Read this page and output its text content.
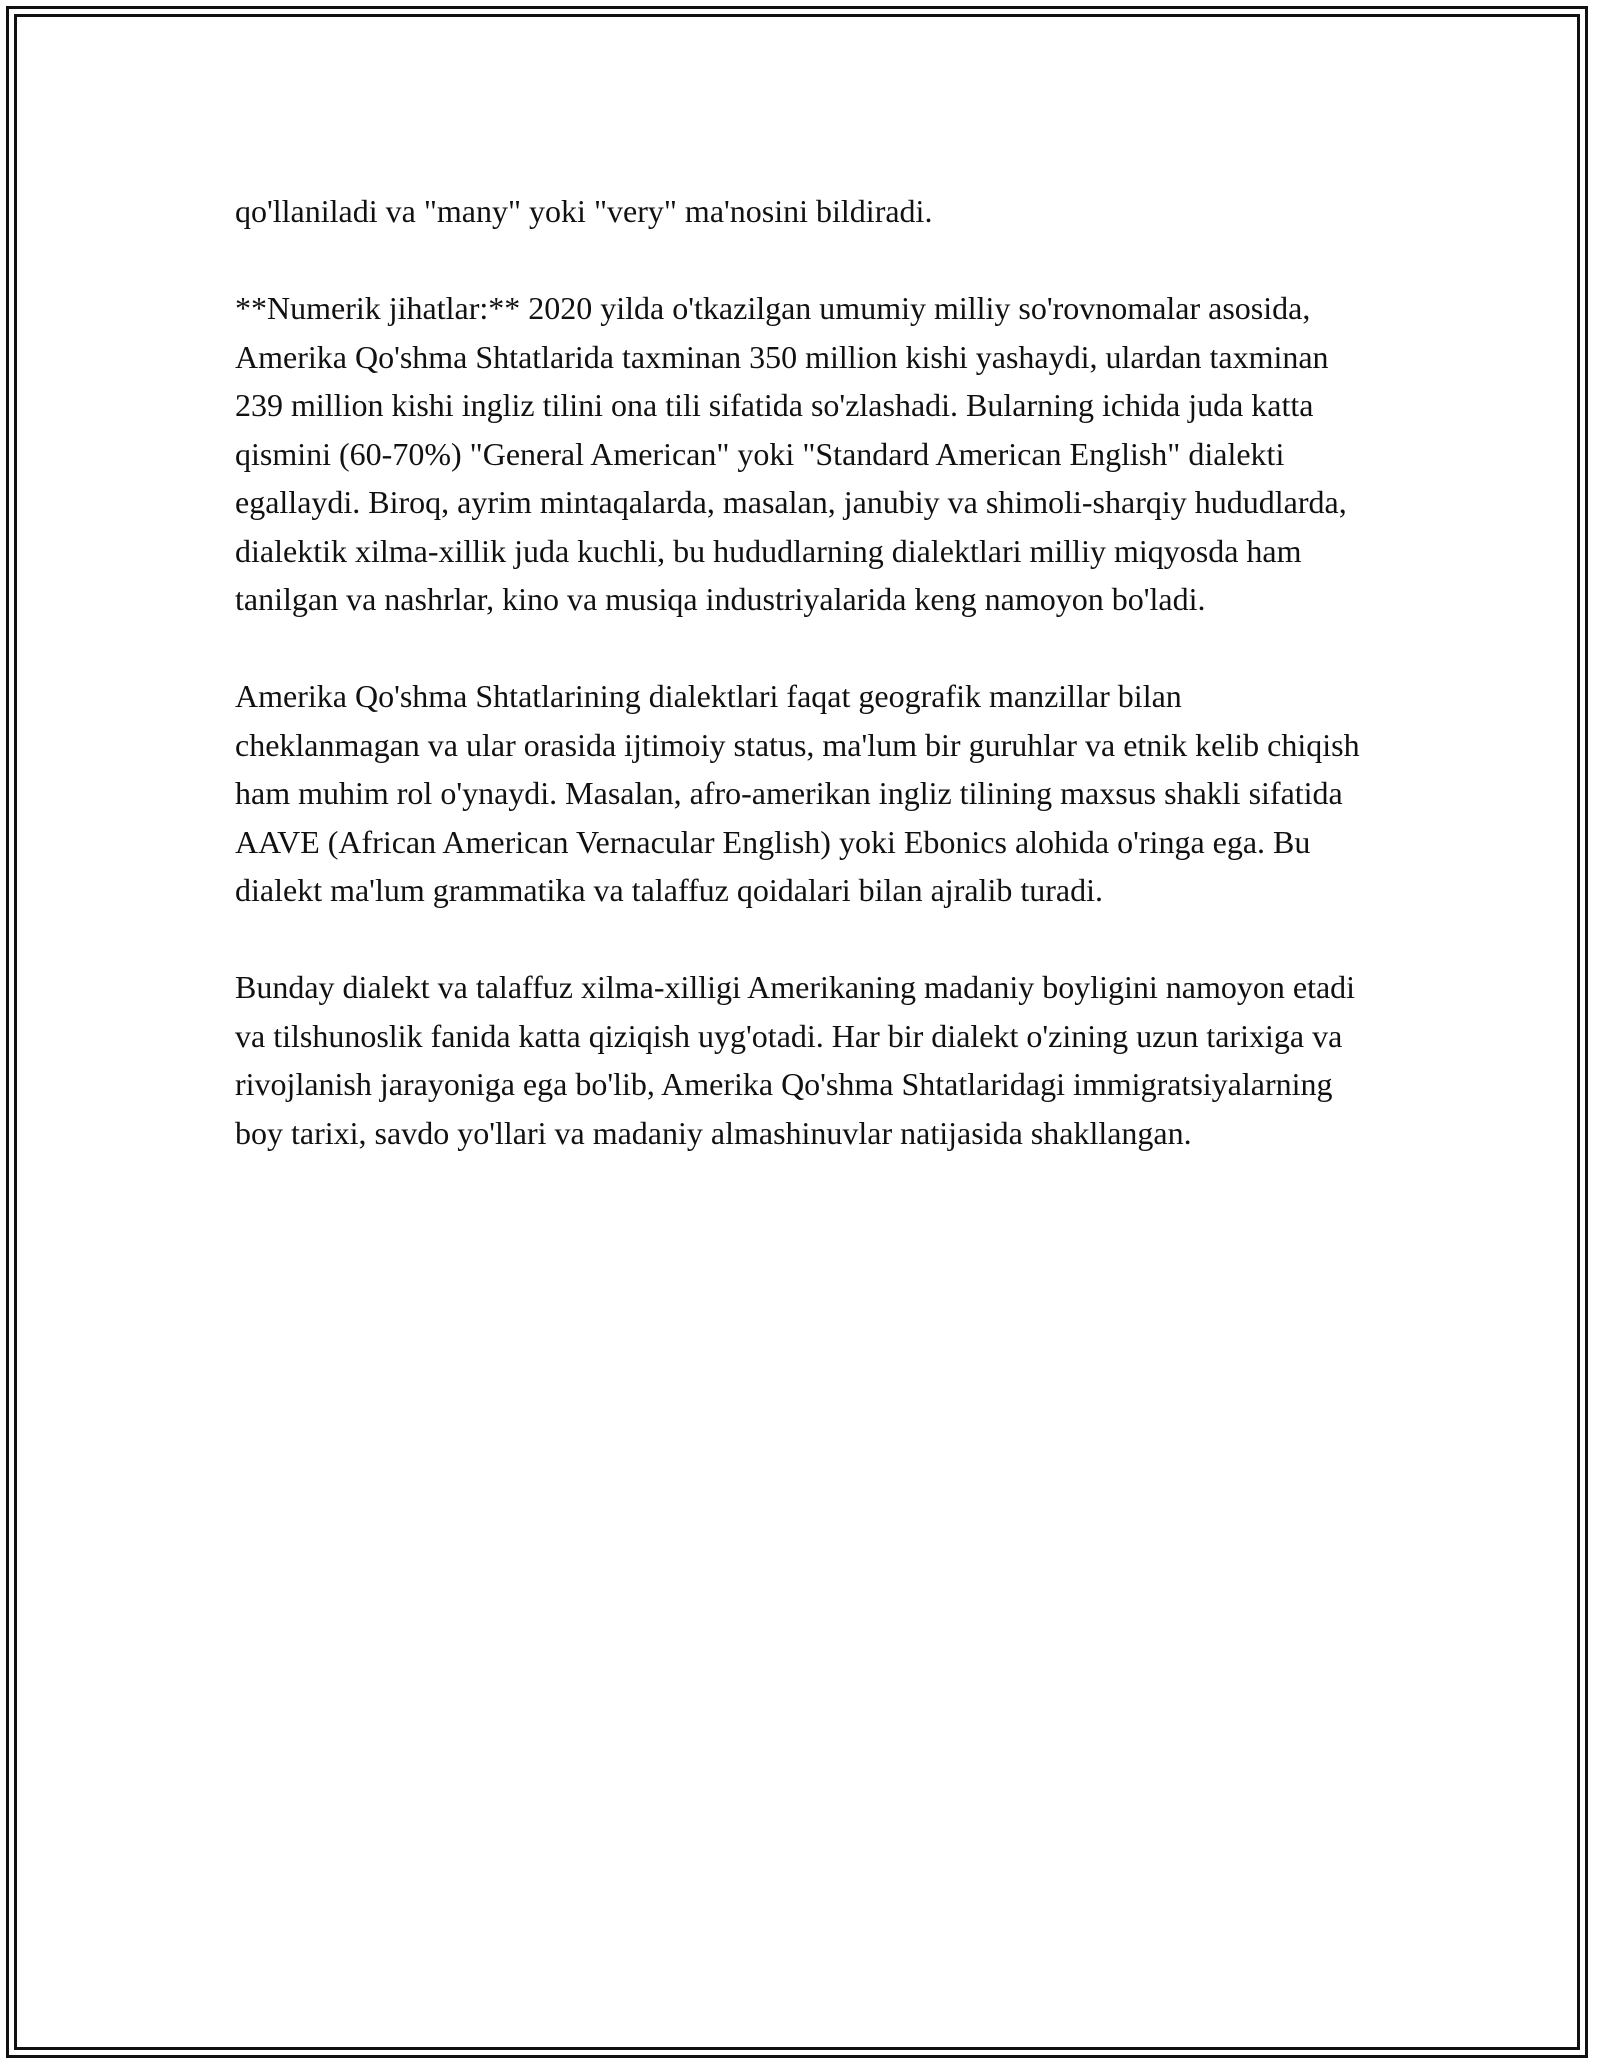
qo'llaniladi va "many" yoki "very" ma'nosini bildiradi.

**Numerik jihatlar:** 2020 yilda o'tkazilgan umumiy milliy so'rovnomalar asosida, Amerika Qo'shma Shtatlarida taxminan 350 million kishi yashaydi, ulardan taxminan 239 million kishi ingliz tilini ona tili sifatida so'zlashadi. Bularning ichida juda katta qismini (60-70%) "General American" yoki "Standard American English" dialekti egallaydi. Biroq, ayrim mintaqalarda, masalan, janubiy va shimoli-sharqiy hududlarda, dialektik xilma-xillik juda kuchli, bu hududlarning dialektlari milliy miqyosda ham tanilgan va nashrlar, kino va musiqa industriyalarida keng namoyon bo'ladi.

Amerika Qo'shma Shtatlarining dialektlari faqat geografik manzillar bilan cheklanmagan va ular orasida ijtimoiy status, ma'lum bir guruhlar va etnik kelib chiqish ham muhim rol o'ynaydi. Masalan, afro-amerikan ingliz tilining maxsus shakli sifatida AAVE (African American Vernacular English) yoki Ebonics alohida o'ringa ega. Bu dialekt ma'lum grammatika va talaffuz qoidalari bilan ajralib turadi.

Bunday dialekt va talaffuz xilma-xilligi Amerikaning madaniy boyligini namoyon etadi va tilshunoslik fanida katta qiziqish uyg'otadi. Har bir dialekt o'zining uzun tarixiga va rivojlanish jarayoniga ega bo'lib, Amerika Qo'shma Shtatlaridagi immigratsiyalarning boy tarixi, savdo yo'llari va madaniy almashinuvlar natijasida shakllangan.
